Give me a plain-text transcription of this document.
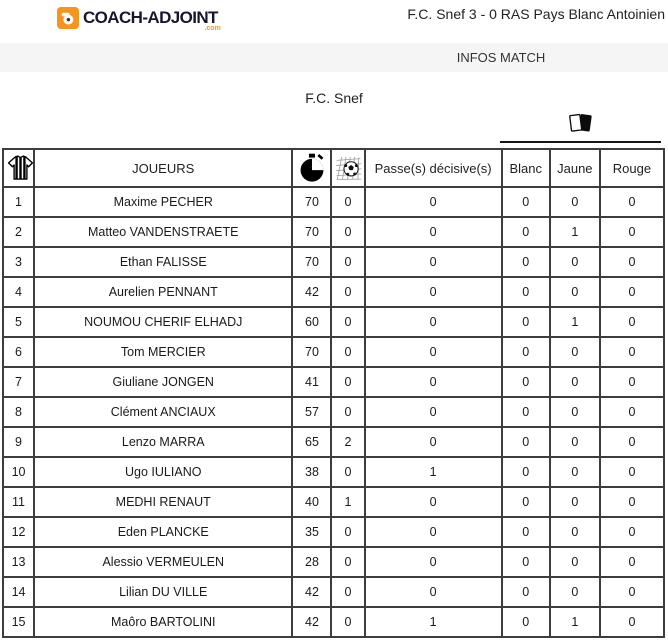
COACH-ADJOINT
.com
F.C. Snef 3 - 0 RAS Pays Blanc Antoinien
INFOS MATCH
F.C. Snef
	JOUEURS			Passe(s) décisive(s)	Blanc	Jaune	Rouge
1	Maxime PECHER	70	0	0	0	0	0
2	Matteo VANDENSTRAETE	70	0	0	0	1	0
3	Ethan FALISSE	70	0	0	0	0	0
4	Aurelien PENNANT	42	0	0	0	0	0
5	NOUMOU CHERIF ELHADJ	60	0	0	0	1	0
6	Tom MERCIER	70	0	0	0	0	0
7	Giuliane JONGEN	41	0	0	0	0	0
8	Clément ANCIAUX	57	0	0	0	0	0
9	Lenzo MARRA	65	2	0	0	0	0
10	Ugo IULIANO	38	0	1	0	0	0
11	MEDHI RENAUT	40	1	0	0	0	0
12	Eden PLANCKE	35	0	0	0	0	0
13	Alessio VERMEULEN	28	0	0	0	0	0
14	Lilian DU VILLE	42	0	0	0	0	0
15	Maôro BARTOLINI	42	0	1	0	1	0
